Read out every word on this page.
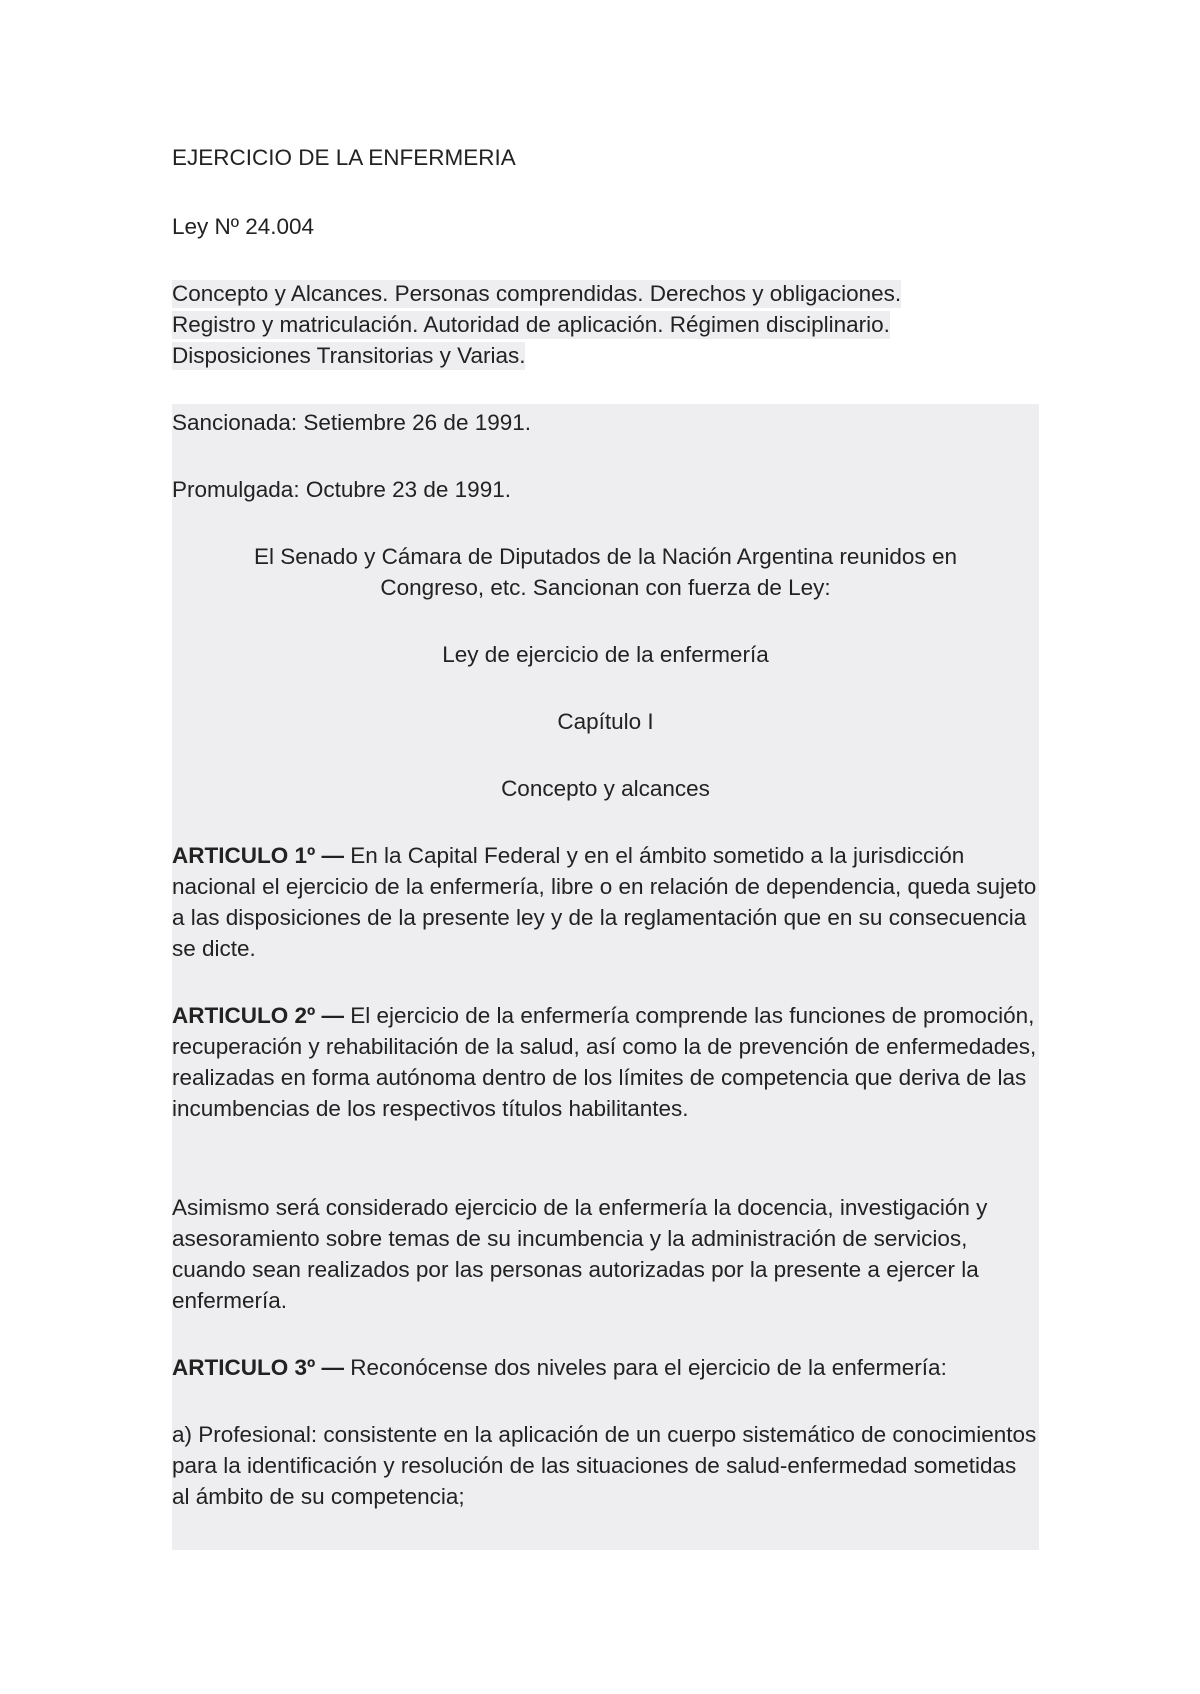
EJERCICIO DE LA ENFERMERIA
Ley Nº 24.004
Concepto y Alcances. Personas comprendidas. Derechos y obligaciones.
Registro y matriculación. Autoridad de aplicación. Régimen disciplinario.
Disposiciones Transitorias y Varias.

Sancionada: Setiembre 26 de 1991.

Promulgada: Octubre 23 de 1991.

El Senado y Cámara de Diputados de la Nación Argentina reunidos en Congreso, etc. Sancionan con fuerza de Ley:

Ley de ejercicio de la enfermería

Capítulo I

Concepto y alcances

ARTICULO 1º — En la Capital Federal y en el ámbito sometido a la jurisdicción nacional el ejercicio de la enfermería, libre o en relación de dependencia, queda sujeto a las disposiciones de la presente ley y de la reglamentación que en su consecuencia se dicte.

ARTICULO 2º — El ejercicio de la enfermería comprende las funciones de promoción, recuperación y rehabilitación de la salud, así como la de prevención de enfermedades, realizadas en forma autónoma dentro de los límites de competencia que deriva de las incumbencias de los respectivos títulos habilitantes.

Asimismo será considerado ejercicio de la enfermería la docencia, investigación y asesoramiento sobre temas de su incumbencia y la administración de servicios, cuando sean realizados por las personas autorizadas por la presente a ejercer la enfermería.

ARTICULO 3º — Reconócense dos niveles para el ejercicio de la enfermería:

a) Profesional: consistente en la aplicación de un cuerpo sistemático de conocimientos para la identificación y resolución de las situaciones de salud-enfermedad sometidas al ámbito de su competencia;
